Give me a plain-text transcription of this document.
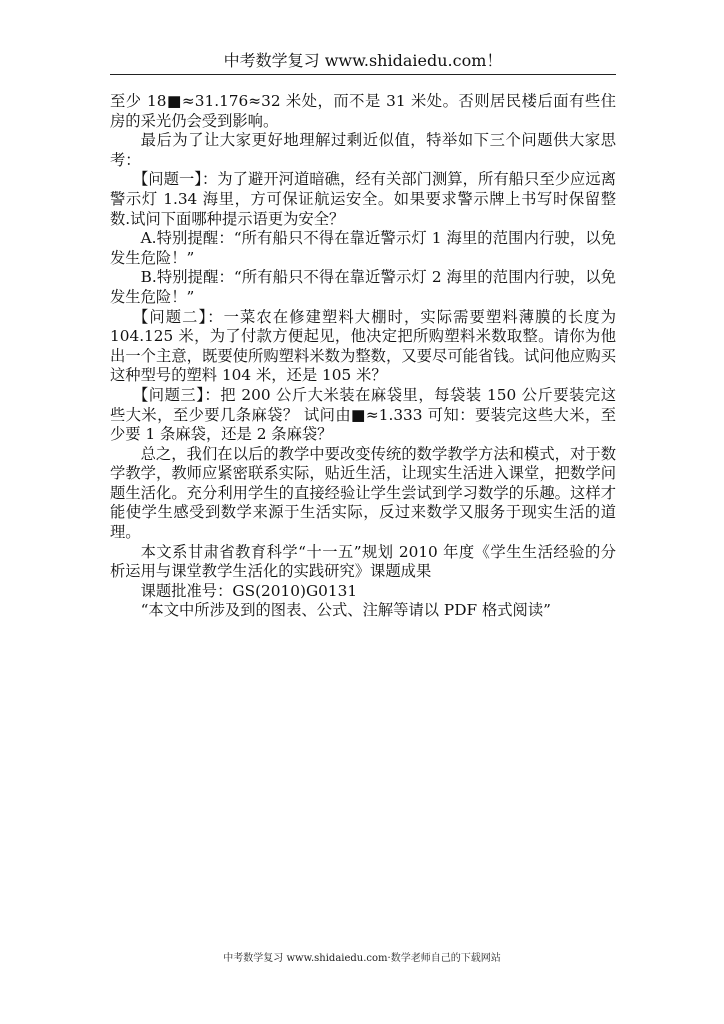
中考数学复习 www.shidaiedu.com！

至少 18■≈31.176≈32 米处，而不是 31 米处。否则居民楼后面有些住房的采光仍会受到影响。

最后为了让大家更好地理解过剩近似值，特举如下三个问题供大家思考：

【问题一】：为了避开河道暗礁，经有关部门测算，所有船只至少应远离警示灯 1.34 海里，方可保证航运安全。如果要求警示牌上书写时保留整数.试问下面哪种提示语更为安全？

A.特别提醒：“所有船只不得在靠近警示灯 1 海里的范围内行驶，以免发生危险！”

B.特别提醒：“所有船只不得在靠近警示灯 2 海里的范围内行驶，以免发生危险！”

【问题二】：一菜农在修建塑料大棚时，实际需要塑料薄膜的长度为 104.125 米，为了付款方便起见，他决定把所购塑料米数取整。请你为他出一个主意，既要使所购塑料米数为整数，又要尽可能省钱。试问他应购买这种型号的塑料 104 米，还是 105 米？

【问题三】：把 200 公斤大米装在麻袋里，每袋装 150 公斤要装完这些大米，至少要几条麻袋？ 试问由■≈1.333 可知：要装完这些大米，至少要 1 条麻袋，还是 2 条麻袋？

总之，我们在以后的教学中要改变传统的数学教学方法和模式，对于数学教学，教师应紧密联系实际，贴近生活，让现实生活进入课堂，把数学问题生活化。充分利用学生的直接经验让学生尝试到学习数学的乐趣。这样才能使学生感受到数学来源于生活实际，反过来数学又服务于现实生活的道理。

本文系甘肃省教育科学“十一五”规划 2010 年度《学生生活经验的分析运用与课堂教学生活化的实践研究》课题成果

课题批准号：GS(2010)G0131

“本文中所涉及到的图表、公式、注解等请以 PDF 格式阅读”

中考数学复习 www.shidaiedu.com·数学老师自己的下载网站
